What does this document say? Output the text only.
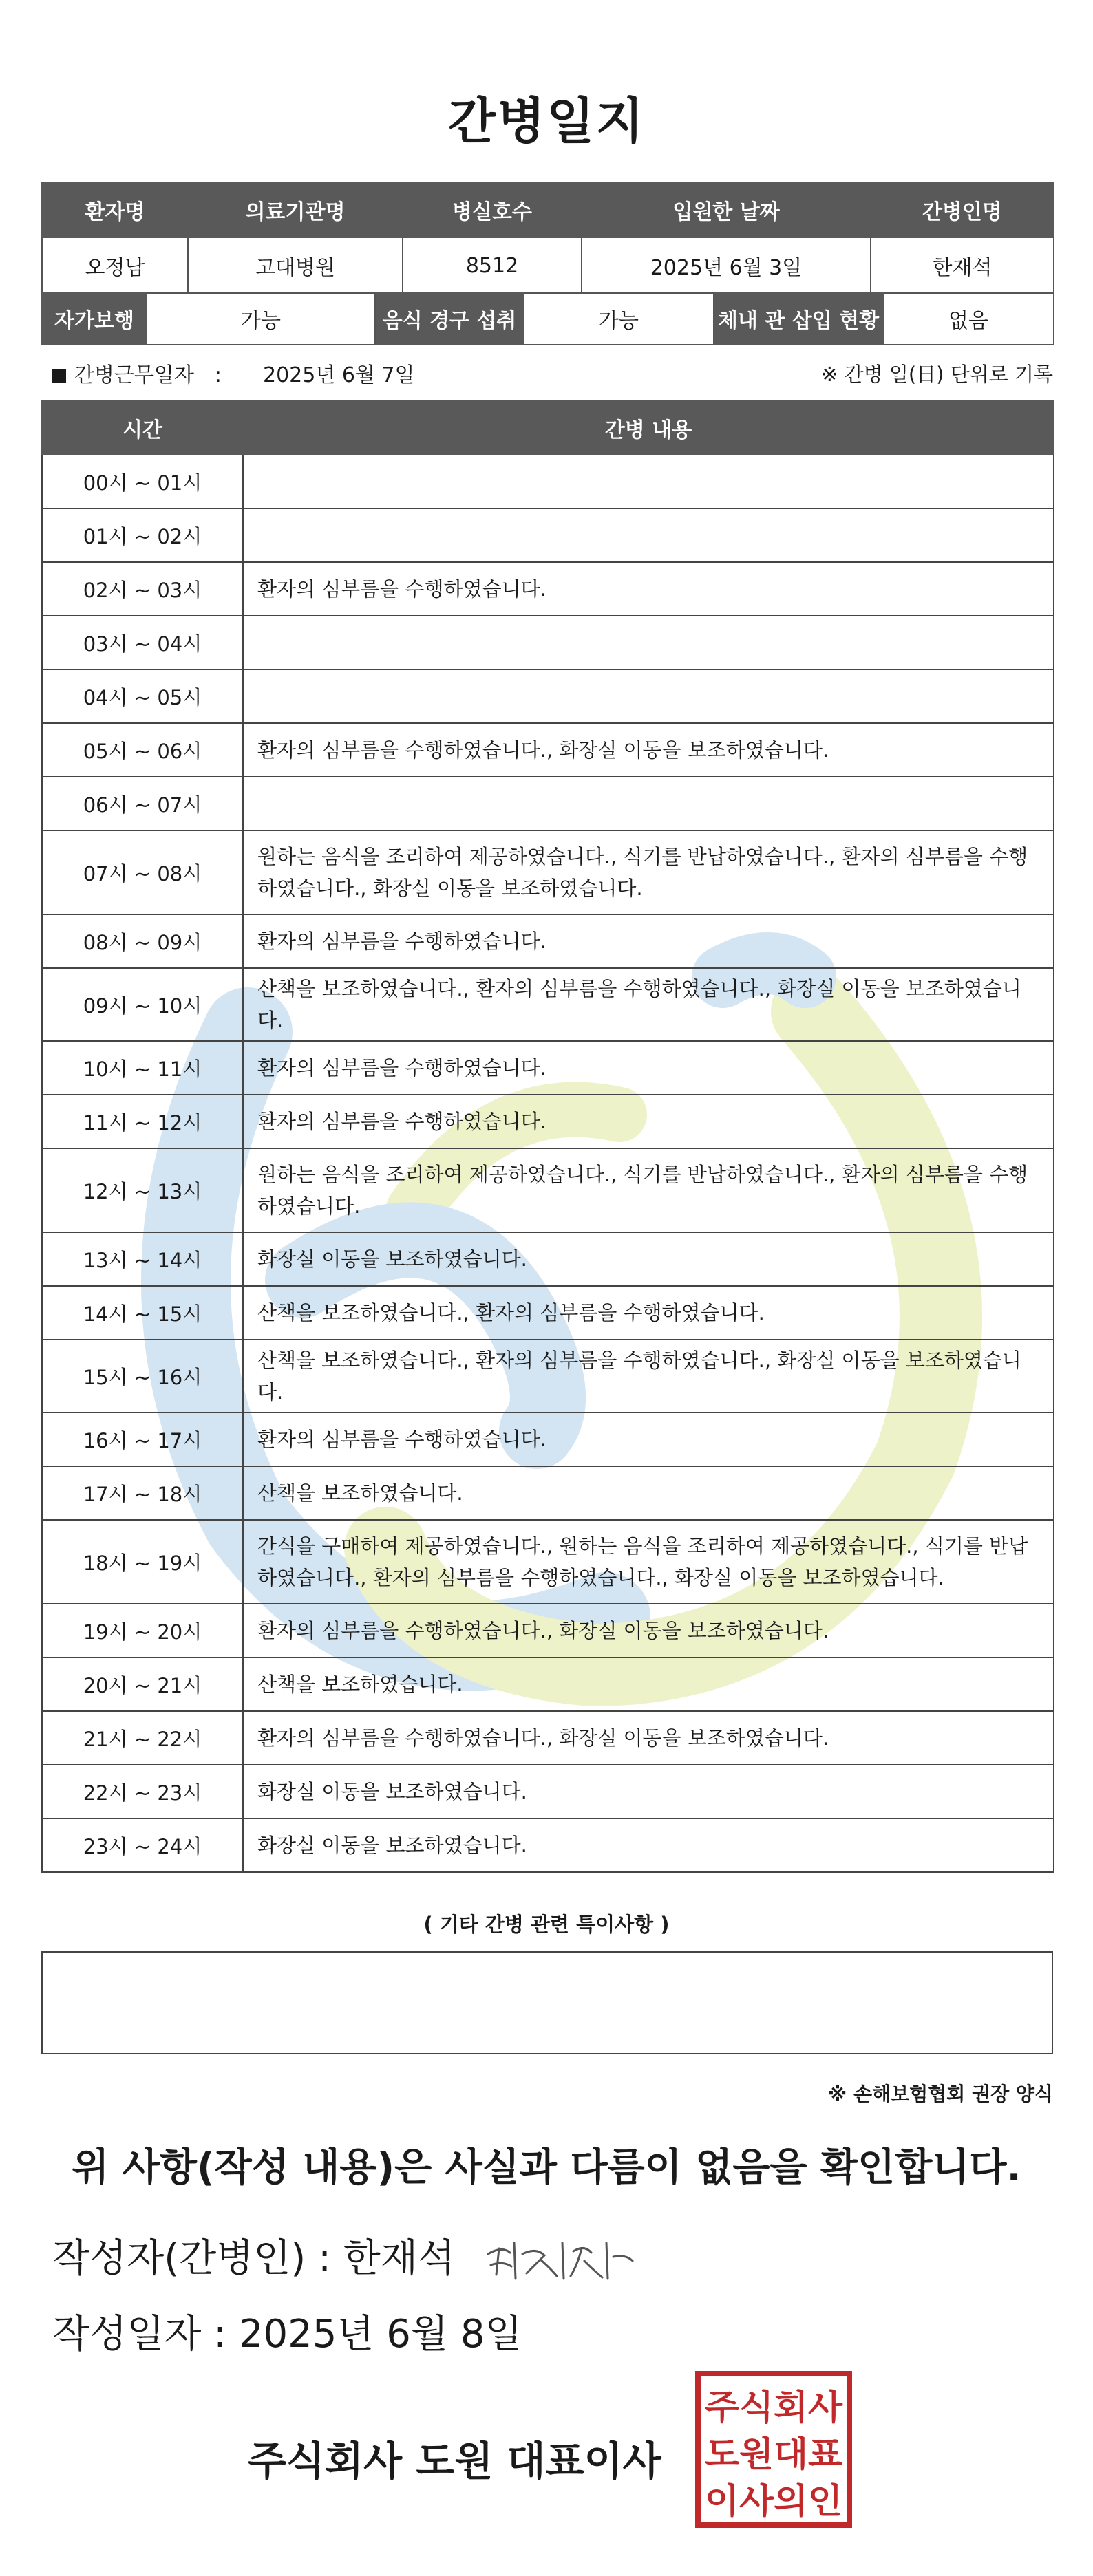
간병일지
환자명	의료기관명	병실호수	입원한 날짜	간병인명
오정남	고대병원	8512	2025년 6월 3일	한재석
자가보행	가능	음식 경구 섭취	가능	체내 관 삽입 현황	없음
간병근무일자　: 2025년 6월 7일	※ 간병 일(日) 단위로 기록
시간	간병 내용
00시 ~ 01시	
01시 ~ 02시	
02시 ~ 03시	환자의 심부름을 수행하였습니다.
03시 ~ 04시	
04시 ~ 05시	
05시 ~ 06시	환자의 심부름을 수행하였습니다., 화장실 이동을 보조하였습니다.
06시 ~ 07시	
07시 ~ 08시	원하는 음식을 조리하여 제공하였습니다., 식기를 반납하였습니다., 환자의 심부름을 수행하였습니다., 화장실 이동을 보조하였습니다.
08시 ~ 09시	환자의 심부름을 수행하였습니다.
09시 ~ 10시	산책을 보조하였습니다., 환자의 심부름을 수행하였습니다., 화장실 이동을 보조하였습니다.
10시 ~ 11시	환자의 심부름을 수행하였습니다.
11시 ~ 12시	환자의 심부름을 수행하였습니다.
12시 ~ 13시	원하는 음식을 조리하여 제공하였습니다., 식기를 반납하였습니다., 환자의 심부름을 수행하였습니다.
13시 ~ 14시	화장실 이동을 보조하였습니다.
14시 ~ 15시	산책을 보조하였습니다., 환자의 심부름을 수행하였습니다.
15시 ~ 16시	산책을 보조하였습니다., 환자의 심부름을 수행하였습니다., 화장실 이동을 보조하였습니다.
16시 ~ 17시	환자의 심부름을 수행하였습니다.
17시 ~ 18시	산책을 보조하였습니다.
18시 ~ 19시	간식을 구매하여 제공하였습니다., 원하는 음식을 조리하여 제공하였습니다., 식기를 반납하였습니다., 환자의 심부름을 수행하였습니다., 화장실 이동을 보조하였습니다.
19시 ~ 20시	환자의 심부름을 수행하였습니다., 화장실 이동을 보조하였습니다.
20시 ~ 21시	산책을 보조하였습니다.
21시 ~ 22시	환자의 심부름을 수행하였습니다., 화장실 이동을 보조하였습니다.
22시 ~ 23시	화장실 이동을 보조하였습니다.
23시 ~ 24시	화장실 이동을 보조하였습니다.
( 기타 간병 관련 특이사항 )
※ 손해보험협회 권장 양식
위 사항(작성 내용)은 사실과 다름이 없음을 확인합니다.
작성자(간병인) : 한재석
작성일자 : 2025년 6월 8일
주식회사 도원 대표이사
주식회사
도원대표
이사의인
